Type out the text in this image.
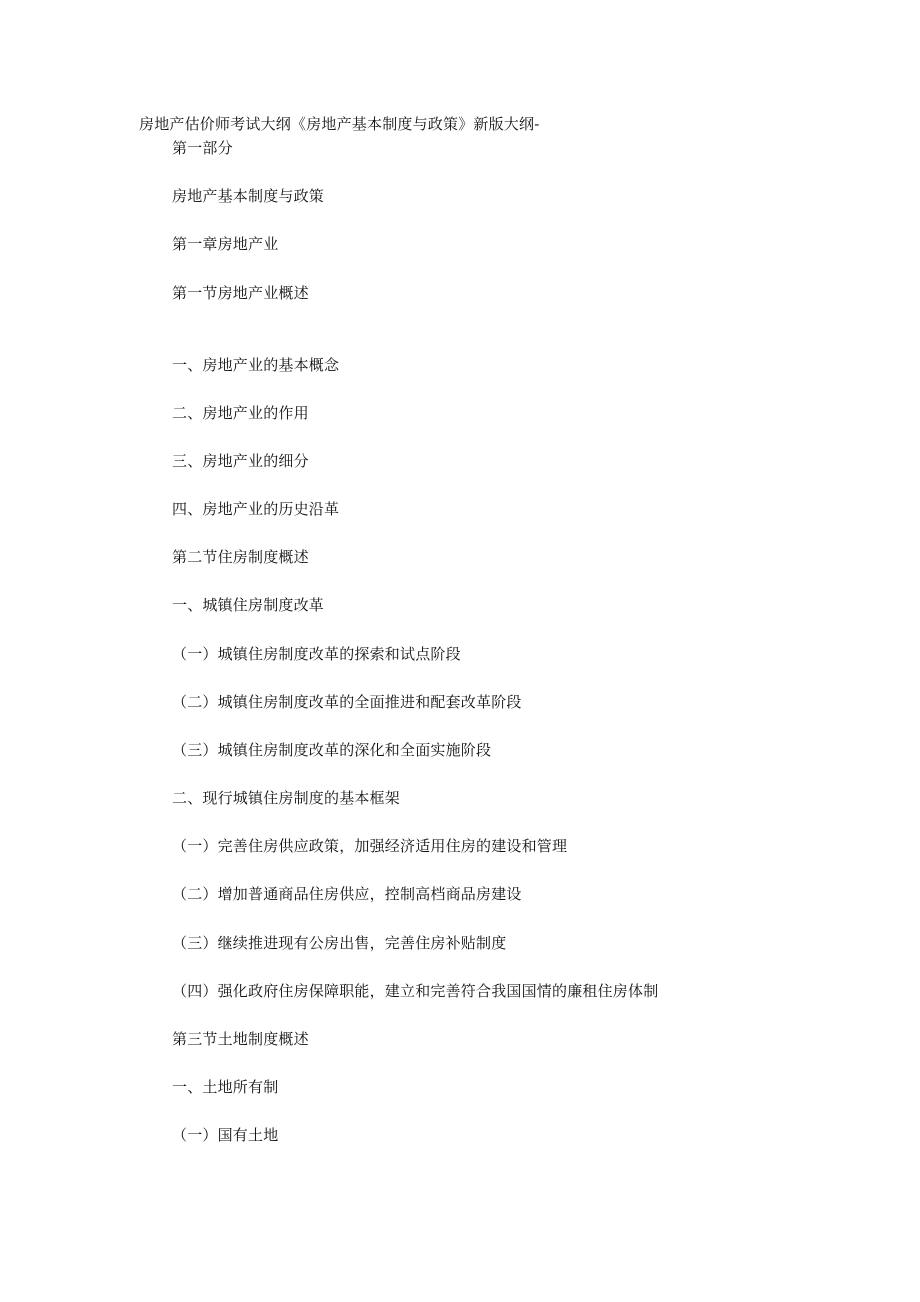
房地产估价师考试大纲《房地产基本制度与政策》新版大纲-
第一部分
房地产基本制度与政策
第一章房地产业
第一节房地产业概述
一、房地产业的基本概念
二、房地产业的作用
三、房地产业的细分
四、房地产业的历史沿革
第二节住房制度概述
一、城镇住房制度改革
（一）城镇住房制度改革的探索和试点阶段
（二）城镇住房制度改革的全面推进和配套改革阶段
（三）城镇住房制度改革的深化和全面实施阶段
二、现行城镇住房制度的基本框架
（一）完善住房供应政策，加强经济适用住房的建设和管理
（二）增加普通商品住房供应，控制高档商品房建设
（三）继续推进现有公房出售，完善住房补贴制度
（四）强化政府住房保障职能，建立和完善符合我国国情的廉租住房体制
第三节土地制度概述
一、土地所有制
（一）国有土地
